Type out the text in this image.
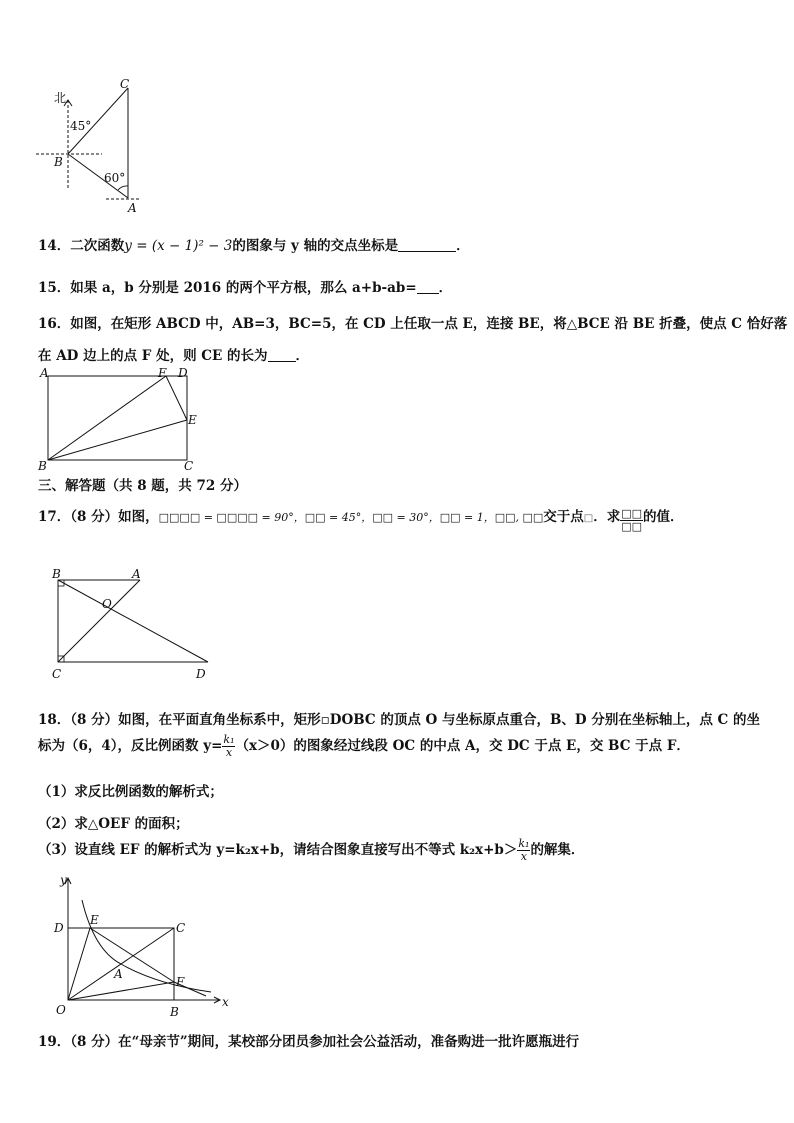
北
C
B
45°
60°
A
14．二次函数y = (x − 1)² − 3的图象与 y 轴的交点坐标是	．
15．如果 a，b 分别是 2016 的两个平方根，那么 a+b-ab= ．
16．如图，在矩形 ABCD 中，AB=3，BC=5，在 CD 上任取一点 E，连接 BE，将△BCE 沿 BE 折叠，使点 C 恰好落
在 AD 边上的点 F 处，则 CE 的长为 ．
A	F D
E
B	C
三、解答题（共 8 题，共 72 分）
17．（8 分）如图，□□□□ = □□□□ = 90°，□□ = 45°，□□ = 30°，□□ = 1，□□, □□交于点□．求 $\frac{□□}{□□}$ 的值．
B	A
O
C	D
18．（8 分）如图，在平面直角坐标系中，矩形▫DOBC 的顶点 O 与坐标原点重合，B、D 分别在坐标轴上，点 C 的坐
标为（6，4），反比例函数 $y= \frac{\text{k₁}}{x} (x>0)$的图象经过线段 OC 的中点 A，交 DC 于点 E，交 BC 于点 F．
（1）求反比例函数的解析式；
（2）求△OEF 的面积；
（3）设直线 EF 的解析式为 y=k₂x+b，请结合图象直接写出不等式 $k_2x+b> \frac{\text{k₁}}{x}$ 的解集．
y
D
E
C
A
F
O	B
x
19．（8 分）在“母亲节”期间，某校部分团员参加社会公益活动，准备购进一批许愿瓶进行
